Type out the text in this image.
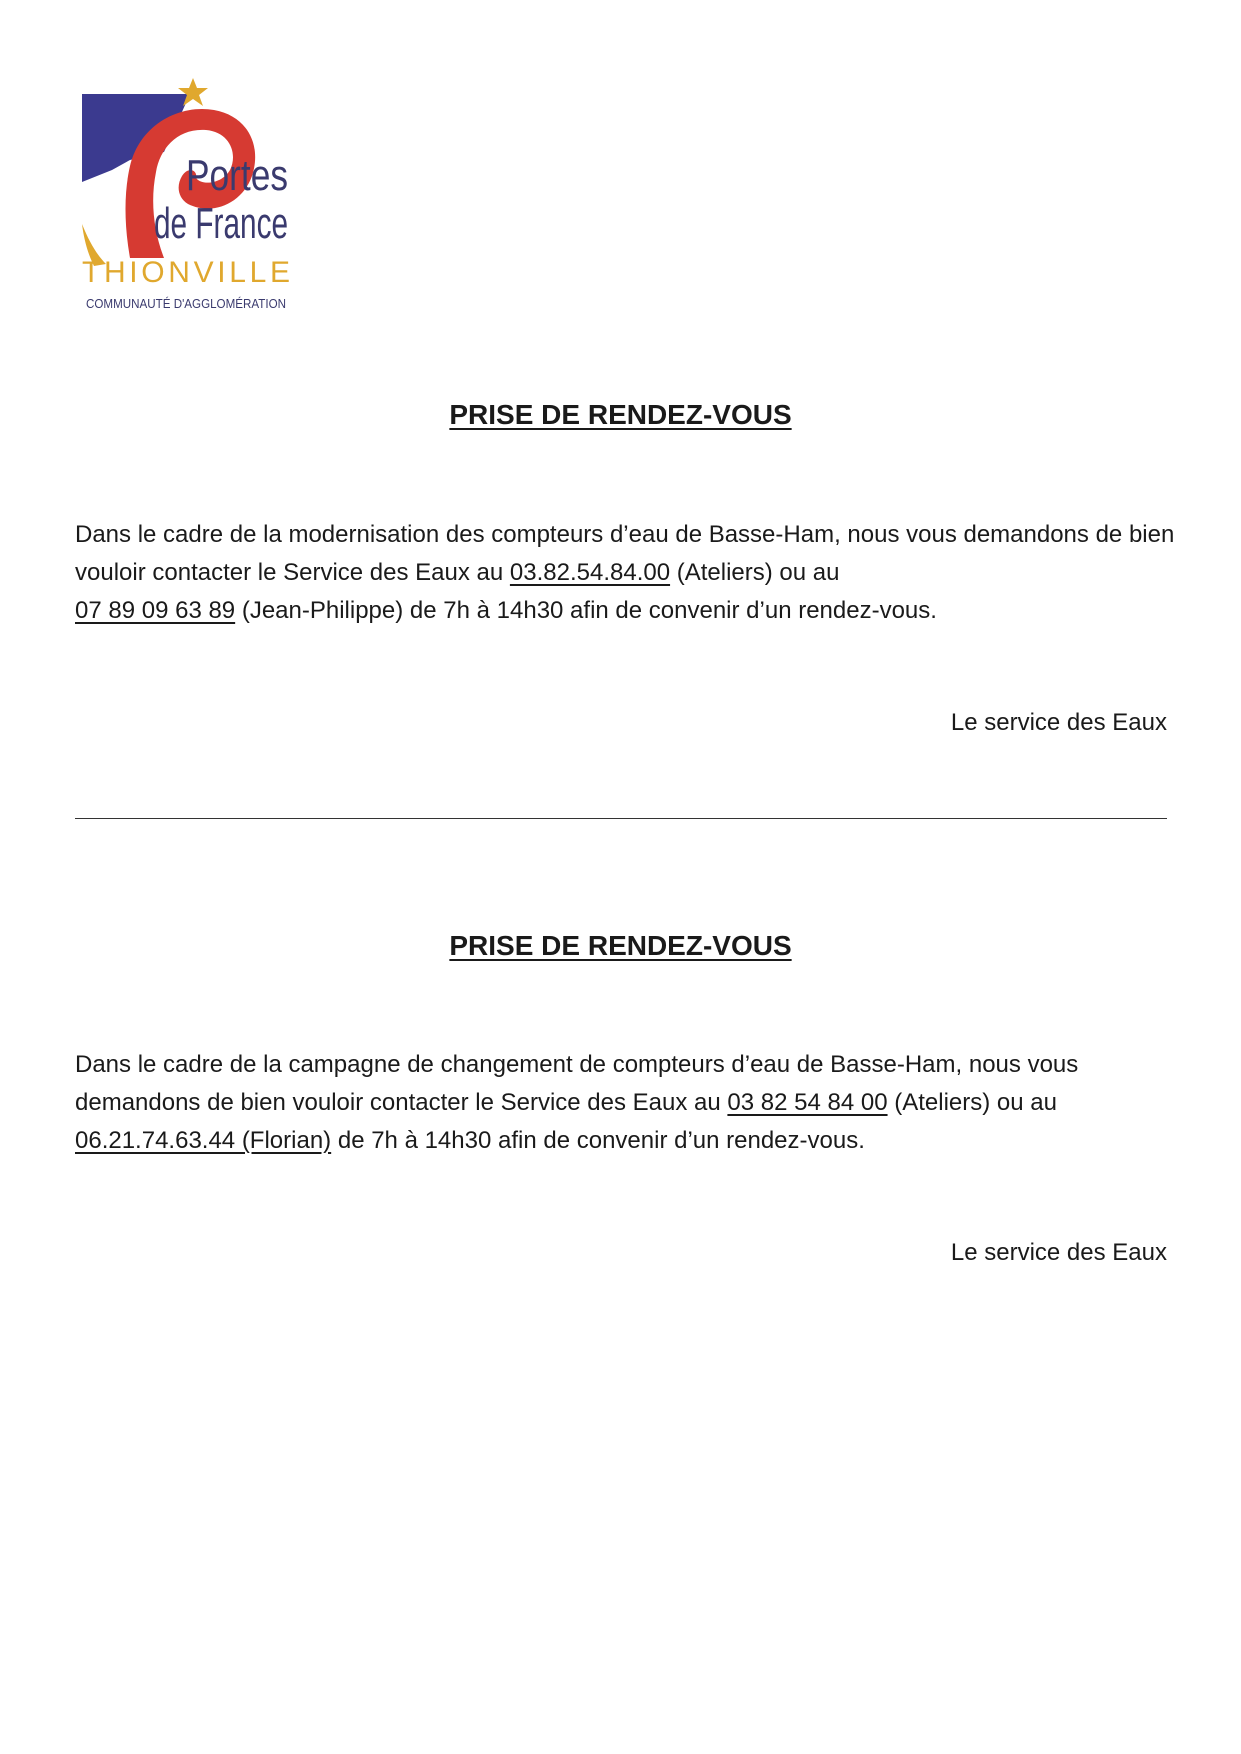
Portes
de France
THIONVILLE
COMMUNAUTÉ D'AGGLOMÉRATION
PRISE DE RENDEZ-VOUS

Dans le cadre de la modernisation des compteurs d’eau de Basse-Ham, nous vous demandons de bien vouloir contacter le Service des Eaux au 03.82.54.84.00 (Ateliers) ou au
07 89 09 63 89 (Jean-Philippe) de 7h à 14h30 afin de convenir d’un rendez-vous.

Le service des Eaux

PRISE DE RENDEZ-VOUS

Dans le cadre de la campagne de changement de compteurs d’eau de Basse-Ham, nous vous demandons de bien vouloir contacter le Service des Eaux au 03 82 54 84 00 (Ateliers) ou au 06.21.74.63.44 (Florian) de 7h à 14h30 afin de convenir d’un rendez-vous.

Le service des Eaux
